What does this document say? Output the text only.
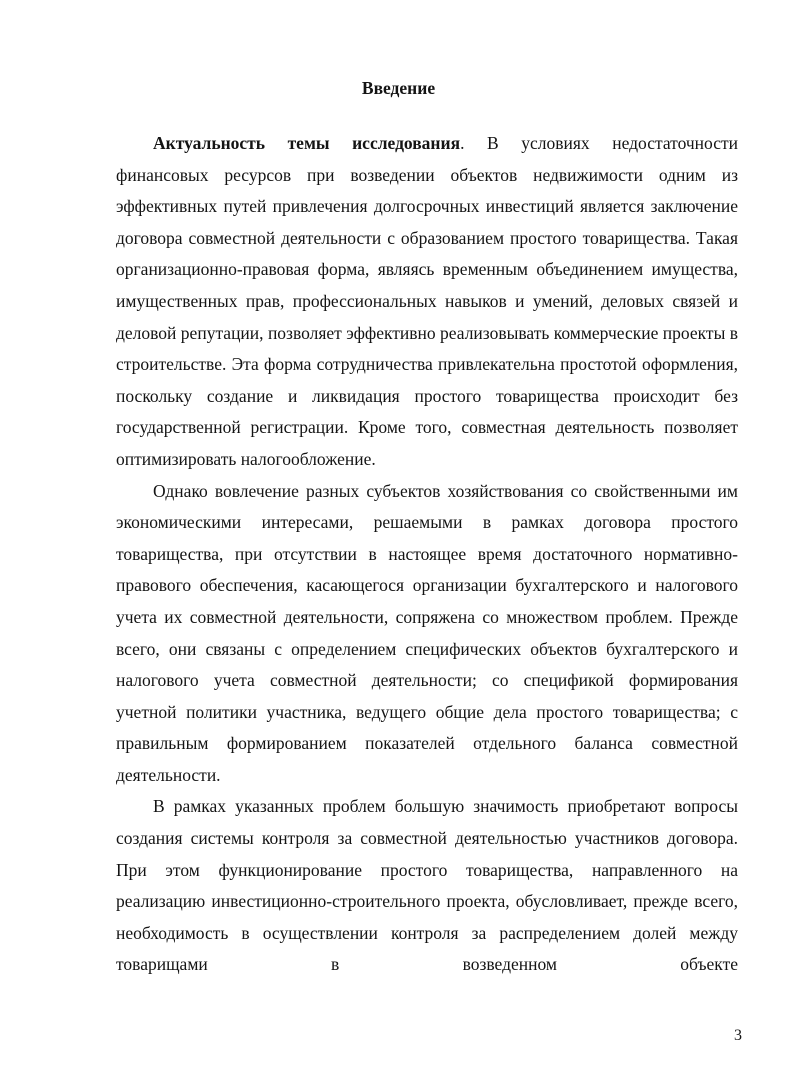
Введение

Актуальность темы исследования. В условиях недостаточности финансовых ресурсов при возведении объектов недвижимости одним из эффективных путей привлечения долгосрочных инвестиций является заключение договора совместной деятельности с образованием простого товарищества. Такая организационно-правовая форма, являясь временным объединением имущества, имущественных прав, профессиональных навыков и умений, деловых связей и деловой репутации, позволяет эффективно реализовывать коммерческие проекты в строительстве. Эта форма сотрудничества привлекательна простотой оформления, поскольку создание и ликвидация простого товарищества происходит без государственной регистрации. Кроме того, совместная деятельность позволяет оптимизировать налогообложение.

Однако вовлечение разных субъектов хозяйствования со свойственными им экономическими интересами, решаемыми в рамках договора простого товарищества, при отсутствии в настоящее время достаточного нормативно-правового обеспечения, касающегося организации бухгалтерского и налогового учета их совместной деятельности, сопряжена со множеством проблем. Прежде всего, они связаны с определением специфических объектов бухгалтерского и налогового учета совместной деятельности; со спецификой формирования учетной политики участника, ведущего общие дела простого товарищества; с правильным формированием показателей отдельного баланса совместной деятельности.

В рамках указанных проблем большую значимость приобретают вопросы создания системы контроля за совместной деятельностью участников договора. При этом функционирование простого товарищества, направленного на реализацию инвестиционно-строительного проекта, обусловливает, прежде всего, необходимость в осуществлении контроля за распределением долей между товарищами в возведенном объекте

3
